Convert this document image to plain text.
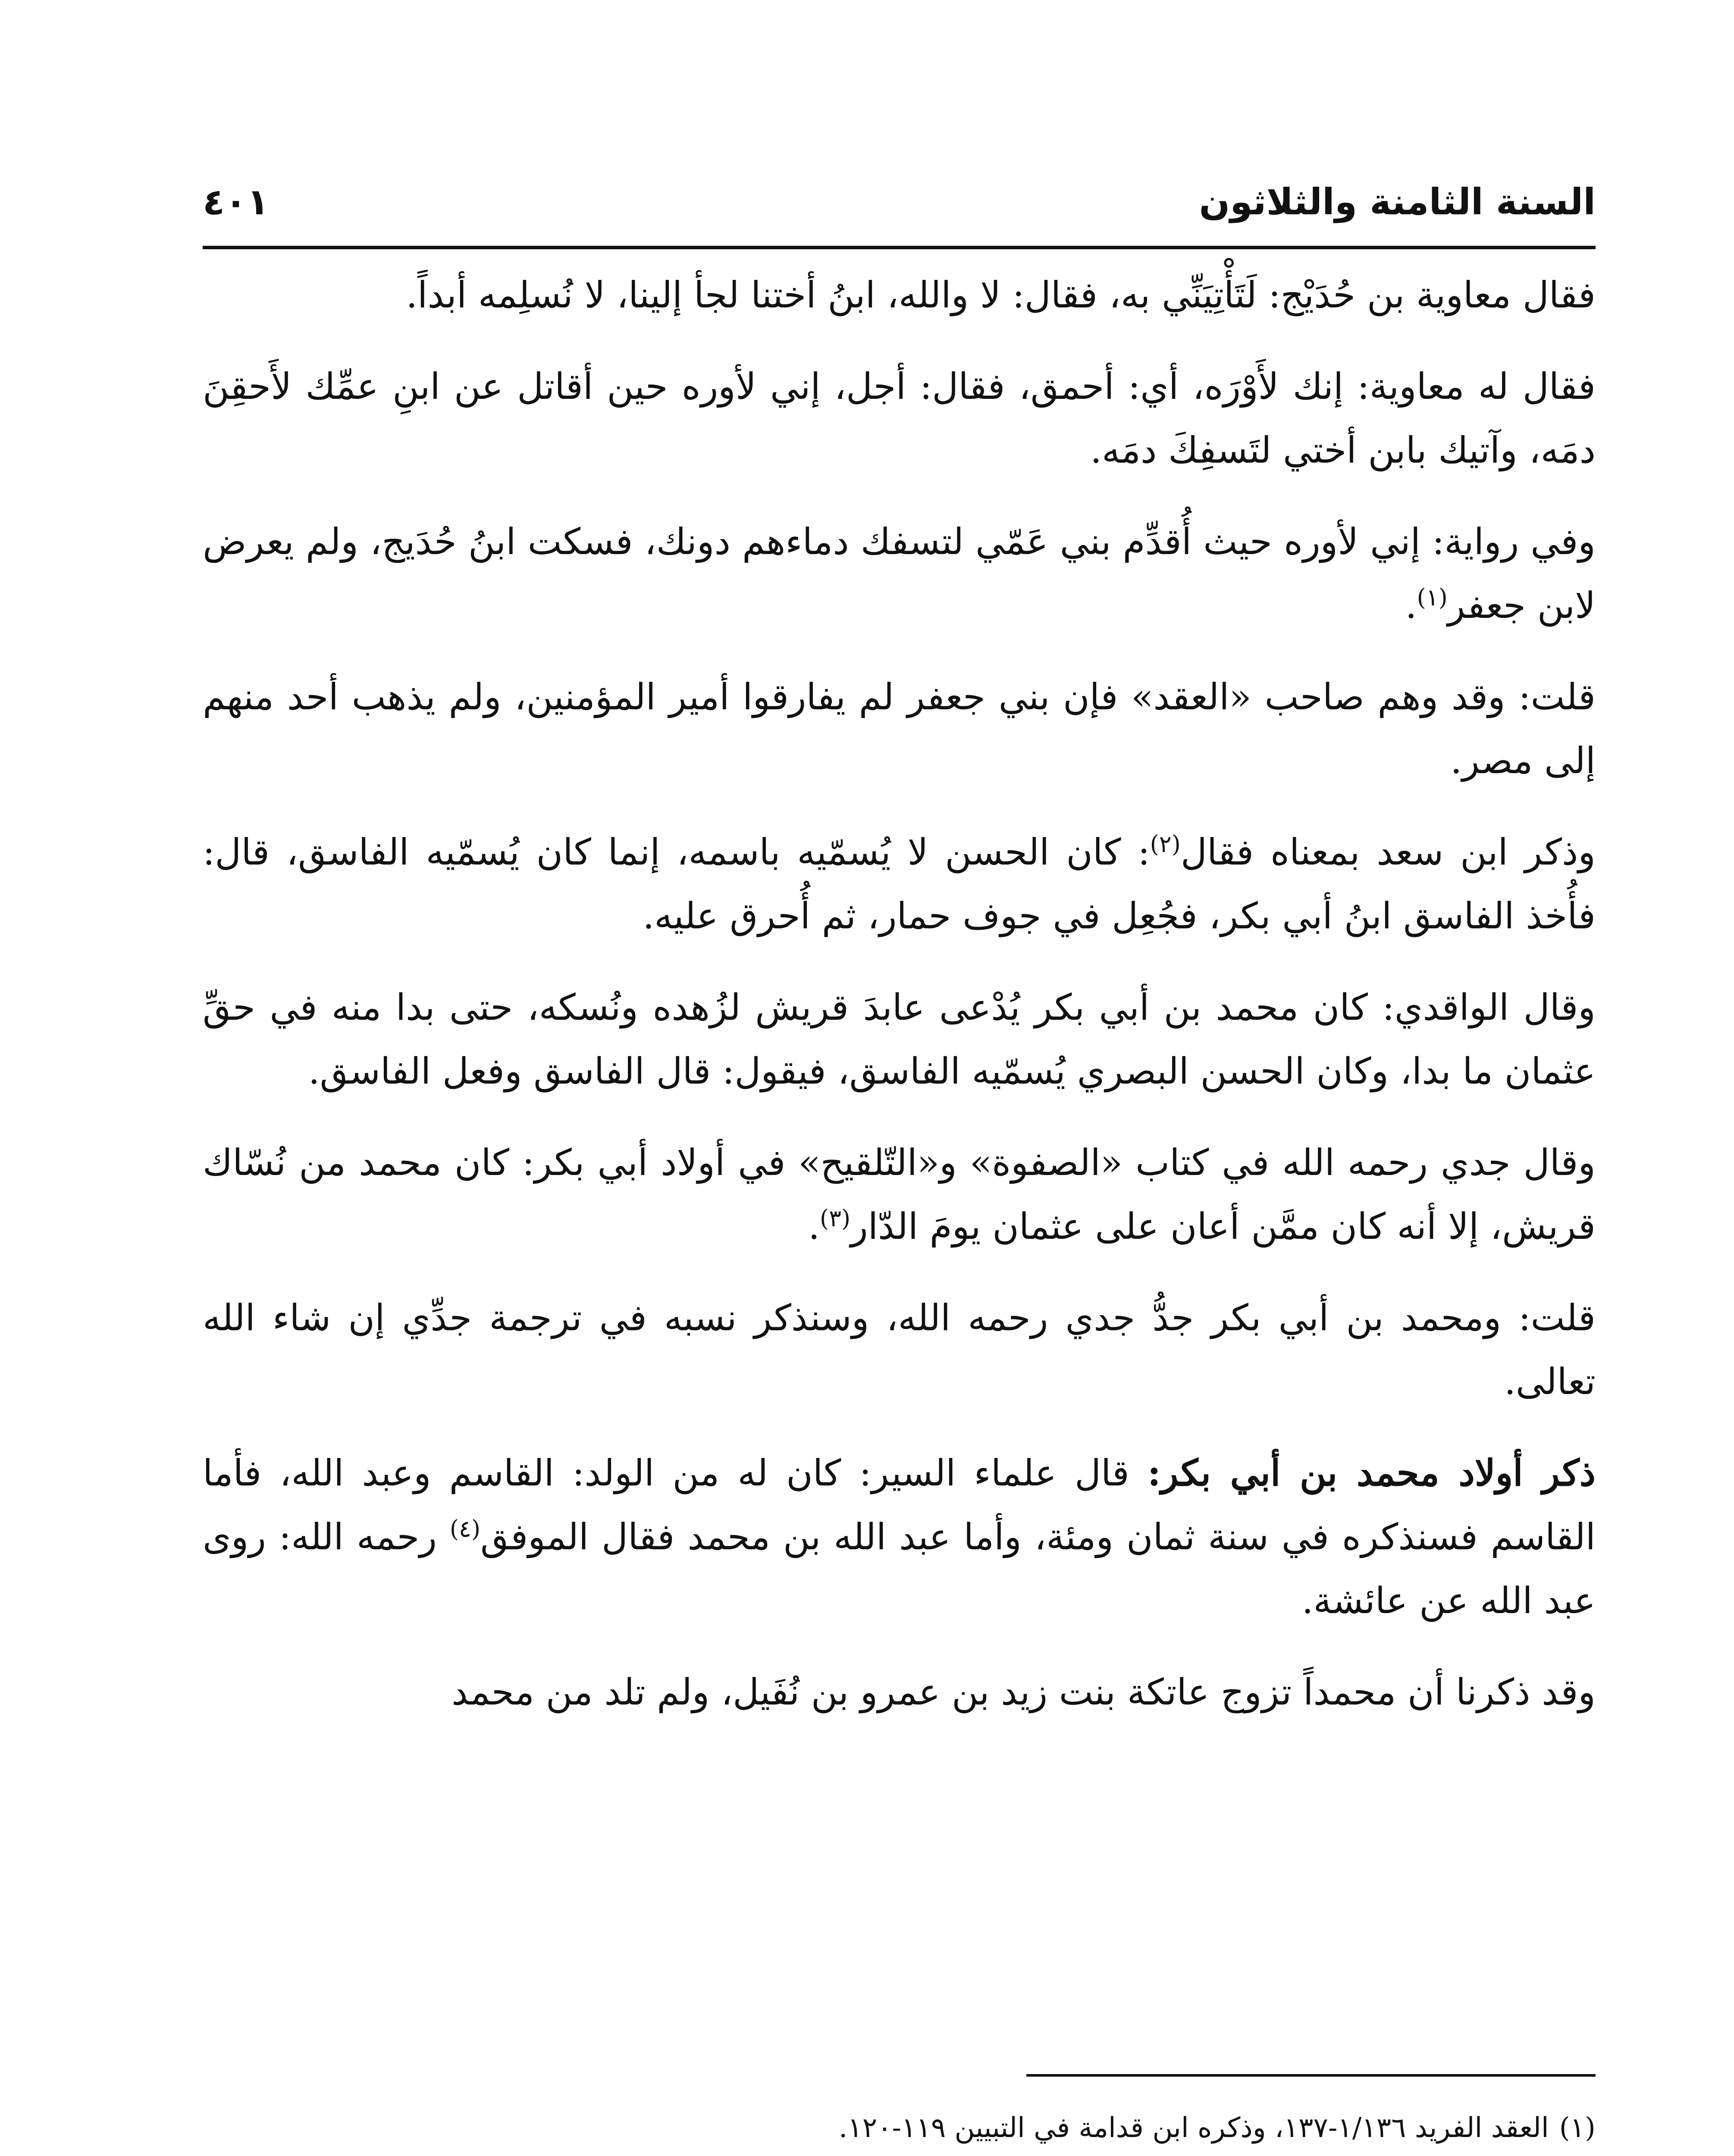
السنة الثامنة والثلاثون
٤٠١

فقال معاوية بن حُدَيْج: لَتَأْتِيَنِّي به، فقال: لا والله، ابنُ أختنا لجأ إلينا، لا نُسلِمه أبداً.

فقال له معاوية: إنك لأَوْرَه، أي: أحمق، فقال: أجل، إني لأوره حين أقاتل عن ابنِ عمِّك لأَحقِنَ دمَه، وآتيك بابن أختي لتَسفِكَ دمَه.

وفي رواية: إني لأوره حيث أُقدِّم بني عَمّي لتسفك دماءهم دونك، فسكت ابنُ حُدَيج، ولم يعرض لابن جعفر$^{(١)}$.

قلت: وقد وهم صاحب «العقد» فإن بني جعفر لم يفارقوا أمير المؤمنين، ولم يذهب أحد منهم إلى مصر.

وذكر ابن سعد بمعناه فقال$^{(٢)}$: كان الحسن لا يُسمّيه باسمه، إنما كان يُسمّيه الفاسق، قال: فأُخذ الفاسق ابنُ أبي بكر، فجُعِل في جوف حمار، ثم أُحرق عليه.

وقال الواقدي: كان محمد بن أبي بكر يُدْعى عابدَ قريش لزُهده ونُسكه، حتى بدا منه في حقِّ عثمان ما بدا، وكان الحسن البصري يُسمّيه الفاسق، فيقول: قال الفاسق وفعل الفاسق.

وقال جدي رحمه الله في كتاب «الصفوة» و«التّلقيح» في أولاد أبي بكر: كان محمد من نُسّاك قريش، إلا أنه كان ممَّن أعان على عثمان يومَ الدّار$^{(٣)}$.

قلت: ومحمد بن أبي بكر جدُّ جدي رحمه الله، وسنذكر نسبه في ترجمة جدِّي إن شاء الله تعالى.

ذكر أولاد محمد بن أبي بكر: قال علماء السير: كان له من الولد: القاسم وعبد الله، فأما القاسم فسنذكره في سنة ثمان ومئة، وأما عبد الله بن محمد فقال الموفق$^{(٤)}$ رحمه الله: روى عبد الله عن عائشة.

وقد ذكرنا أن محمداً تزوج عاتكة بنت زيد بن عمرو بن نُفَيل، ولم تلد من محمد

(١)العقد الفريد ١/١٣٦-١٣٧، وذكره ابن قدامة في التبيين ١١٩-١٢٠.
